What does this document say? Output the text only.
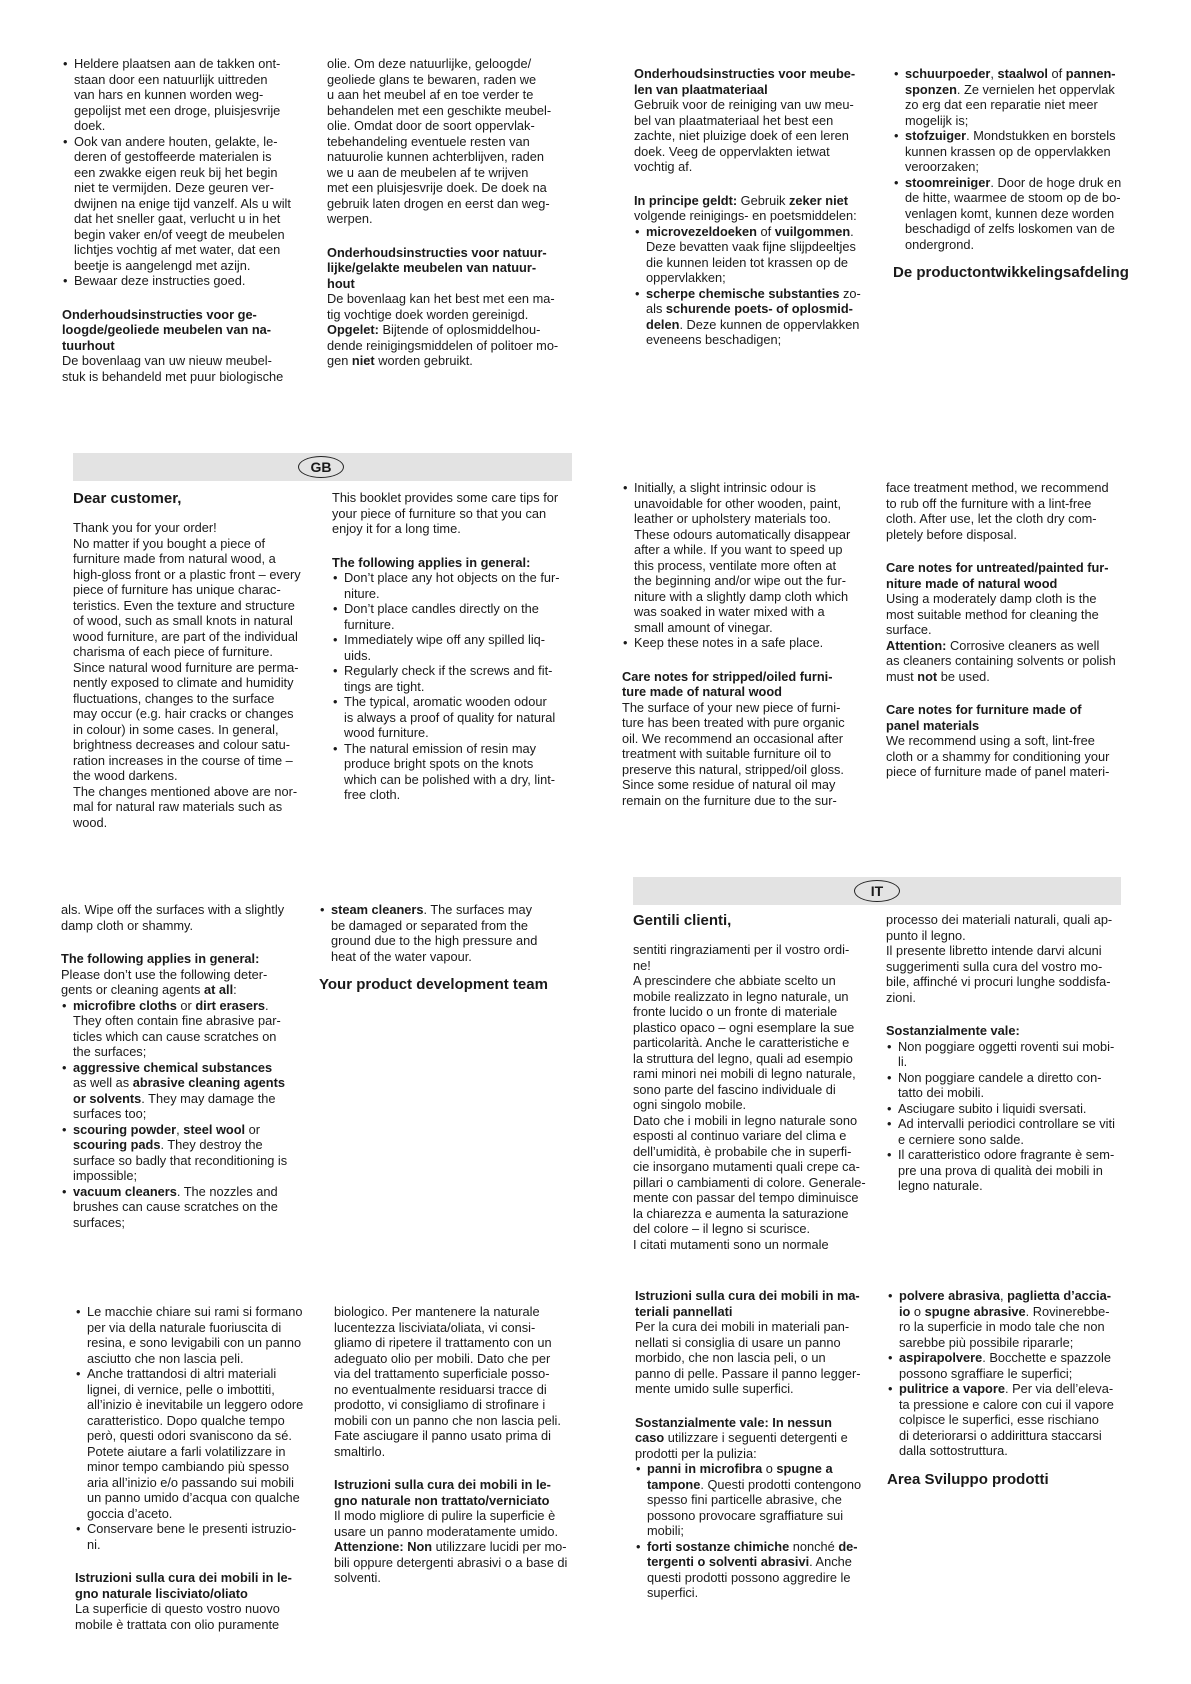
• Heldere plaatsen aan de takken ont-

staan door een natuurlijk uittreden

van hars en kunnen worden weg-

gepolijst met een droge, pluisjesvrije

doek.

• Ook van andere houten, gelakte, le-

deren of gestoffeerde materialen is

een zwakke eigen reuk bij het begin

niet te vermijden. Deze geuren ver-

dwijnen na enige tijd vanzelf. Als u wilt

dat het sneller gaat, verlucht u in het

begin vaker en/of veegt de meubelen

lichtjes vochtig af met water, dat een

beetje is aangelengd met azijn.

• Bewaar deze instructies goed.

Onderhoudsinstructies voor ge-
loogde/geoliede meubelen van na-
tuurhout

De bovenlaag van uw nieuw meubel-

stuk is behandeld met puur biologische

olie. Om deze natuurlijke, geloogde/

geoliede glans te bewaren, raden we

u aan het meubel af en toe verder te

behandelen met een geschikte meubel-

olie. Omdat door de soort oppervlak-

tebehandeling eventuele resten van

natuurolie kunnen achterblijven, raden

we u aan de meubelen af te wrijven

met een pluisjesvrije doek. De doek na

gebruik laten drogen en eerst dan weg-

werpen.

Onderhoudsinstructies voor natuur-
lijke/gelakte meubelen van natuur-
hout

De bovenlaag kan het best met een ma-

tig vochtige doek worden gereinigd.

Opgelet: Bijtende of oplosmiddelhou-

dende reinigingsmiddelen of politoer mo-

gen niet worden gebruikt.

Onderhoudsinstructies voor meube-
len van plaatmateriaal

Gebruik voor de reiniging van uw meu-

bel van plaatmateriaal het best een

zachte, niet pluizige doek of een leren

doek. Veeg de oppervlakten ietwat

vochtig af.

In principe geldt: Gebruik zeker niet

volgende reinigings- en poetsmiddelen:

• microvezeldoeken of vuilgommen.

Deze bevatten vaak fijne slijpdeeltjes

die kunnen leiden tot krassen op de

oppervlakken;

• scherpe chemische substanties zo-

als schurende poets- of oplosmid-

delen. Deze kunnen de oppervlakken

eveneens beschadigen;

• schuurpoeder, staalwol of pannen-

sponzen. Ze vernielen het oppervlak

zo erg dat een reparatie niet meer

mogelijk is;

• stofzuiger. Mondstukken en borstels

kunnen krassen op de oppervlakken

veroorzaken;

• stoomreiniger. Door de hoge druk en

de hitte, waarmee de stoom op de bo-

venlagen komt, kunnen deze worden

beschadigd of zelfs loskomen van de

ondergrond.

De productontwikkelingsafdeling
GB
Dear customer,

Thank you for your order!

No matter if you bought a piece of

furniture made from natural wood, a

high-gloss front or a plastic front – every

piece of furniture has unique charac-

teristics. Even the texture and structure

of wood, such as small knots in natural

wood furniture, are part of the individual

charisma of each piece of furniture.

Since natural wood furniture are perma-

nently exposed to climate and humidity

fluctuations, changes to the surface

may occur (e.g. hair cracks or changes

in colour) in some cases. In general,

brightness decreases and colour satu-

ration increases in the course of time –

the wood darkens.

The changes mentioned above are nor-

mal for natural raw materials such as

wood.

This booklet provides some care tips for

your piece of furniture so that you can

enjoy it for a long time.

The following applies in general:

• Don’t place any hot objects on the fur-

niture.

• Don’t place candles directly on the

furniture.

• Immediately wipe off any spilled liq-

uids.

• Regularly check if the screws and fit-

tings are tight.

• The typical, aromatic wooden odour

is always a proof of quality for natural

wood furniture.

• The natural emission of resin may

produce bright spots on the knots

which can be polished with a dry, lint-

free cloth.

• Initially, a slight intrinsic odour is

unavoidable for other wooden, paint,

leather or upholstery materials too.

These odours automatically disappear

after a while. If you want to speed up

this process, ventilate more often at

the beginning and/or wipe out the fur-

niture with a slightly damp cloth which

was soaked in water mixed with a

small amount of vinegar.

• Keep these notes in a safe place.

Care notes for stripped/oiled furni-
ture made of natural wood

The surface of your new piece of furni-

ture has been treated with pure organic

oil. We recommend an occasional after

treatment with suitable furniture oil to

preserve this natural, stripped/oil gloss.

Since some residue of natural oil may

remain on the furniture due to the sur-

face treatment method, we recommend

to rub off the furniture with a lint-free

cloth. After use, let the cloth dry com-

pletely before disposal.

Care notes for untreated/painted fur-
niture made of natural wood

Using a moderately damp cloth is the

most suitable method for cleaning the

surface.

Attention: Corrosive cleaners as well

as cleaners containing solvents or polish

must not be used.

Care notes for furniture made of
panel materials

We recommend using a soft, lint-free

cloth or a shammy for conditioning your

piece of furniture made of panel materi-

als. Wipe off the surfaces with a slightly

damp cloth or shammy.

The following applies in general:

Please don’t use the following deter-

gents or cleaning agents at all:

• microfibre cloths or dirt erasers.

They often contain fine abrasive par-

ticles which can cause scratches on

the surfaces;

• aggressive chemical substances

as well as abrasive cleaning agents

or solvents. They may damage the

surfaces too;

• scouring powder, steel wool or

scouring pads. They destroy the

surface so badly that reconditioning is

impossible;

• vacuum cleaners. The nozzles and

brushes can cause scratches on the

surfaces;

• steam cleaners. The surfaces may

be damaged or separated from the

ground due to the high pressure and

heat of the water vapour.

Your product development team
IT
Gentili clienti,

sentiti ringraziamenti per il vostro ordi-

ne!

A prescindere che abbiate scelto un

mobile realizzato in legno naturale, un

fronte lucido o un fronte di materiale

plastico opaco – ogni esemplare la sue

particolarità. Anche le caratteristiche e

la struttura del legno, quali ad esempio

rami minori nei mobili di legno naturale,

sono parte del fascino individuale di

ogni singolo mobile.

Dato che i mobili in legno naturale sono

esposti al continuo variare del clima e

dell’umidità, è probabile che in superfi-

cie insorgano mutamenti quali crepe ca-

pillari o cambiamenti di colore. Generale-

mente con passar del tempo diminuisce

la chiarezza e aumenta la saturazione

del colore – il legno si scurisce.

I citati mutamenti sono un normale

processo dei materiali naturali, quali ap-

punto il legno.

Il presente libretto intende darvi alcuni

suggerimenti sulla cura del vostro mo-

bile, affinché vi procuri lunghe soddisfa-

zioni.

Sostanzialmente vale:

• Non poggiare oggetti roventi sui mobi-

li.

• Non poggiare candele a diretto con-

tatto dei mobili.

• Asciugare subito i liquidi sversati.

• Ad intervalli periodici controllare se viti

e cerniere sono salde.

• Il caratteristico odore fragrante è sem-

pre una prova di qualità dei mobili in

legno naturale.

• Le macchie chiare sui rami si formano

per via della naturale fuoriuscita di

resina, e sono levigabili con un panno

asciutto che non lascia peli.

• Anche trattandosi di altri materiali

lignei, di vernice, pelle o imbottiti,

all’inizio è inevitabile un leggero odore

caratteristico. Dopo qualche tempo

però, questi odori svaniscono da sé.

Potete aiutare a farli volatilizzare in

minor tempo cambiando più spesso

aria all’inizio e/o passando sui mobili

un panno umido d’acqua con qualche

goccia d’aceto.

• Conservare bene le presenti istruzio-

ni.

Istruzioni sulla cura dei mobili in le-
gno naturale lisciviato/oliato

La superficie di questo vostro nuovo

mobile è trattata con olio puramente

biologico. Per mantenere la naturale

lucentezza lisciviata/oliata, vi consi-

gliamo di ripetere il trattamento con un

adeguato olio per mobili. Dato che per

via del trattamento superficiale posso-

no eventualmente residuarsi tracce di

prodotto, vi consigliamo di strofinare i

mobili con un panno che non lascia peli.

Fate asciugare il panno usato prima di

smaltirlo.

Istruzioni sulla cura dei mobili in le-
gno naturale non trattato/verniciato

Il modo migliore di pulire la superficie è

usare un panno moderatamente umido.

Attenzione: Non utilizzare lucidi per mo-

bili oppure detergenti abrasivi o a base di

solventi.

Istruzioni sulla cura dei mobili in ma-
teriali pannellati

Per la cura dei mobili in materiali pan-

nellati si consiglia di usare un panno

morbido, che non lascia peli, o un

panno di pelle. Passare il panno legger-

mente umido sulle superfici.

Sostanzialmente vale: In nessun

caso utilizzare i seguenti detergenti e

prodotti per la pulizia:

• panni in microfibra o spugne a

tampone. Questi prodotti contengono

spesso fini particelle abrasive, che

possono provocare sgraffiature sui

mobili;

• forti sostanze chimiche nonché de-

tergenti o solventi abrasivi. Anche

questi prodotti possono aggredire le

superfici.

• polvere abrasiva, paglietta d’accia-

io o spugne abrasive. Rovinerebbe-

ro la superficie in modo tale che non

sarebbe più possibile ripararle;

• aspirapolvere. Bocchette e spazzole

possono sgraffiare le superfici;

• pulitrice a vapore. Per via dell’eleva-

ta pressione e calore con cui il vapore

colpisce le superfici, esse rischiano

di deteriorarsi o addirittura staccarsi

dalla sottostruttura.

Area Sviluppo prodotti
